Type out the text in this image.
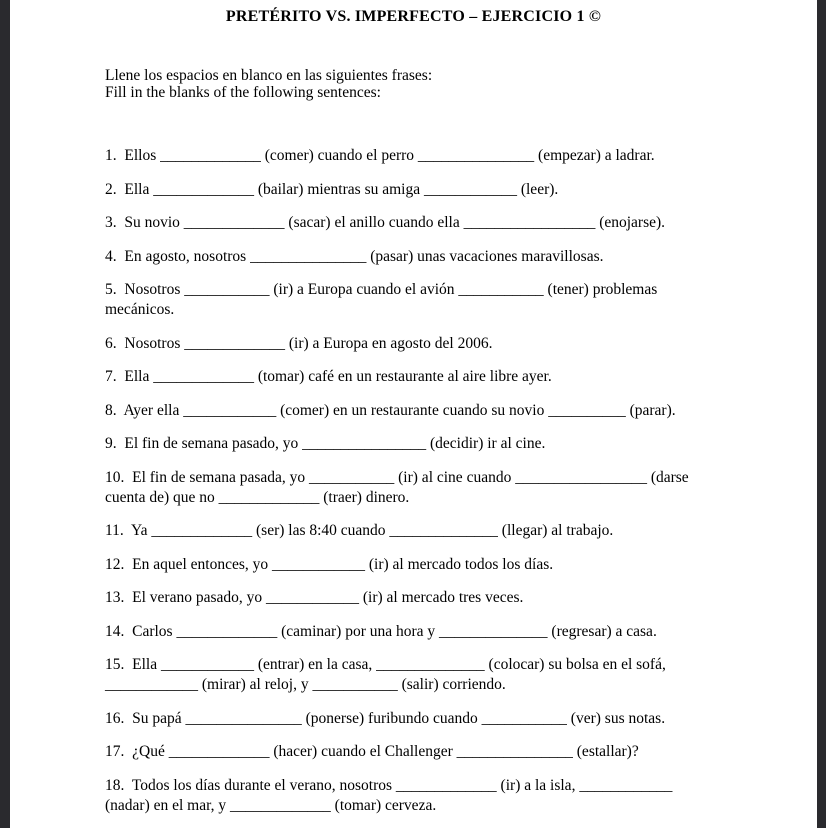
PRETÉRITO VS. IMPERFECTO – EJERCICIO 1 ©
Llene los espacios en blanco en las siguientes frases:
Fill in the blanks of the following sentences:

1.  Ellos _____________ (comer) cuando el perro _______________ (empezar) a ladrar.

2.  Ella _____________ (bailar) mientras su amiga ____________ (leer).

3.  Su novio _____________ (sacar) el anillo cuando ella _________________ (enojarse).

4.  En agosto, nosotros _______________ (pasar) unas vacaciones maravillosas.

5.  Nosotros ___________ (ir) a Europa cuando el avión ___________ (tener) problemas
mecánicos.

6.  Nosotros _____________ (ir) a Europa en agosto del 2006.

7.  Ella _____________ (tomar) café en un restaurante al aire libre ayer.

8.  Ayer ella ____________ (comer) en un restaurante cuando su novio __________ (parar).

9.  El fin de semana pasado, yo ________________ (decidir) ir al cine.

10.  El fin de semana pasada, yo ___________ (ir) al cine cuando _________________ (darse
cuenta de) que no _____________ (traer) dinero.

11.  Ya _____________ (ser) las 8:40 cuando ______________ (llegar) al trabajo.

12.  En aquel entonces, yo ____________ (ir) al mercado todos los días.

13.  El verano pasado, yo ____________ (ir) al mercado tres veces.

14.  Carlos _____________ (caminar) por una hora y ______________ (regresar) a casa.

15.  Ella ____________ (entrar) en la casa, ______________ (colocar) su bolsa en el sofá,
____________ (mirar) al reloj, y ___________ (salir) corriendo.

16.  Su papá _______________ (ponerse) furibundo cuando ___________ (ver) sus notas.

17.  ¿Qué _____________ (hacer) cuando el Challenger _______________ (estallar)?

18.  Todos los días durante el verano, nosotros _____________ (ir) a la isla, ____________
(nadar) en el mar, y _____________ (tomar) cerveza.
